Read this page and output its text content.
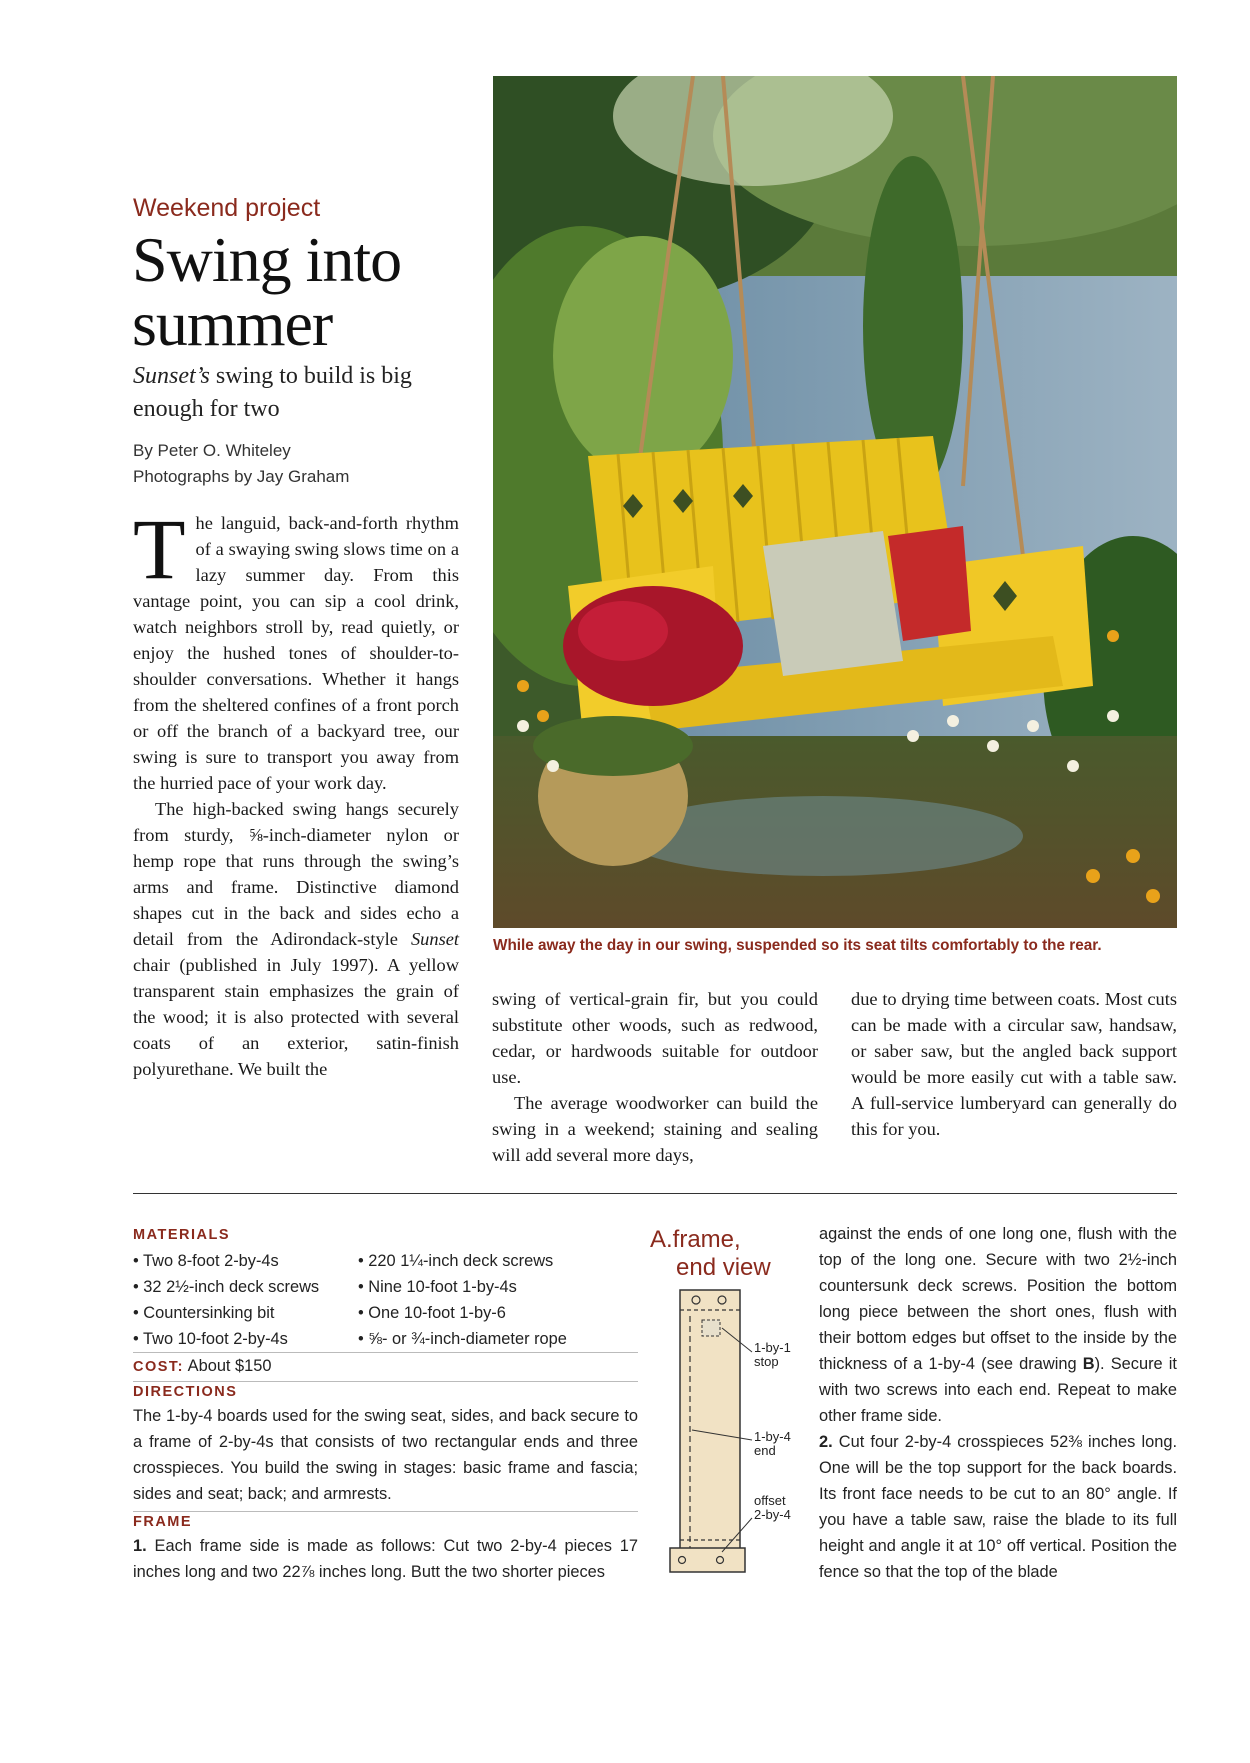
Weekend project
Swing into summer
Sunset’s swing to build is big enough for two
By Peter O. Whiteley
Photographs by Jay Graham

The languid, back-and-forth rhythm of a swaying swing slows time on a lazy summer day. From this vantage point, you can sip a cool drink, watch neighbors stroll by, read quietly, or enjoy the hushed tones of shoulder-to-shoulder conversations. Whether it hangs from the sheltered confines of a front porch or off the branch of a backyard tree, our swing is sure to transport you away from the hurried pace of your work day.

The high-backed swing hangs securely from sturdy, ⅝-inch-diameter nylon or hemp rope that runs through the swing’s arms and frame. Distinctive diamond shapes cut in the back and sides echo a detail from the Adirondack-style Sunset chair (published in July 1997). A yellow transparent stain emphasizes the grain of the wood; it is also protected with several coats of an exterior, satin-finish polyurethane. We built the

While away the day in our swing, suspended so its seat tilts comfortably to the rear.

swing of vertical-grain fir, but you could substitute other woods, such as redwood, cedar, or hardwoods suitable for outdoor use.

The average woodworker can build the swing in a weekend; staining and sealing will add several more days,

due to drying time between coats. Most cuts can be made with a circular saw, handsaw, or saber saw, but the angled back support would be more easily cut with a table saw. A full-service lumberyard can generally do this for you.

MATERIALS
• Two 8-foot 2-by-4s
• 32 2½-inch deck screws
• Countersinking bit
• Two 10-foot 2-by-4s
• 220 1¼-inch deck screws
• Nine 10-foot 1-by-4s
• One 10-foot 1-by-6
• ⅝- or ¾-inch-diameter rope
COST: About $150
DIRECTIONS
The 1-by-4 boards used for the swing seat, sides, and back secure to a frame of 2-by-4s that consists of two rectangular ends and three crosspieces. You build the swing in stages: basic frame and fascia; sides and seat; back; and armrests.
FRAME
1. Each frame side is made as follows: Cut two 2-by-4 pieces 17 inches long and two 22⅞ inches long. Butt the two shorter pieces
A.frame,
end view
1-by-1
stop
1-by-4
end
offset
2-by-4
against the ends of one long one, flush with the top of the long one. Secure with two 2½-inch countersunk deck screws. Position the bottom long piece between the short ones, flush with their bottom edges but offset to the inside by the thickness of a 1-by-4 (see drawing B). Secure it with two screws into each end. Repeat to make other frame side.
2. Cut four 2-by-4 crosspieces 52⅜ inches long. One will be the top support for the back boards. Its front face needs to be cut to an 80° angle. If you have a table saw, raise the blade to its full height and angle it at 10° off vertical. Position the fence so that the top of the blade
